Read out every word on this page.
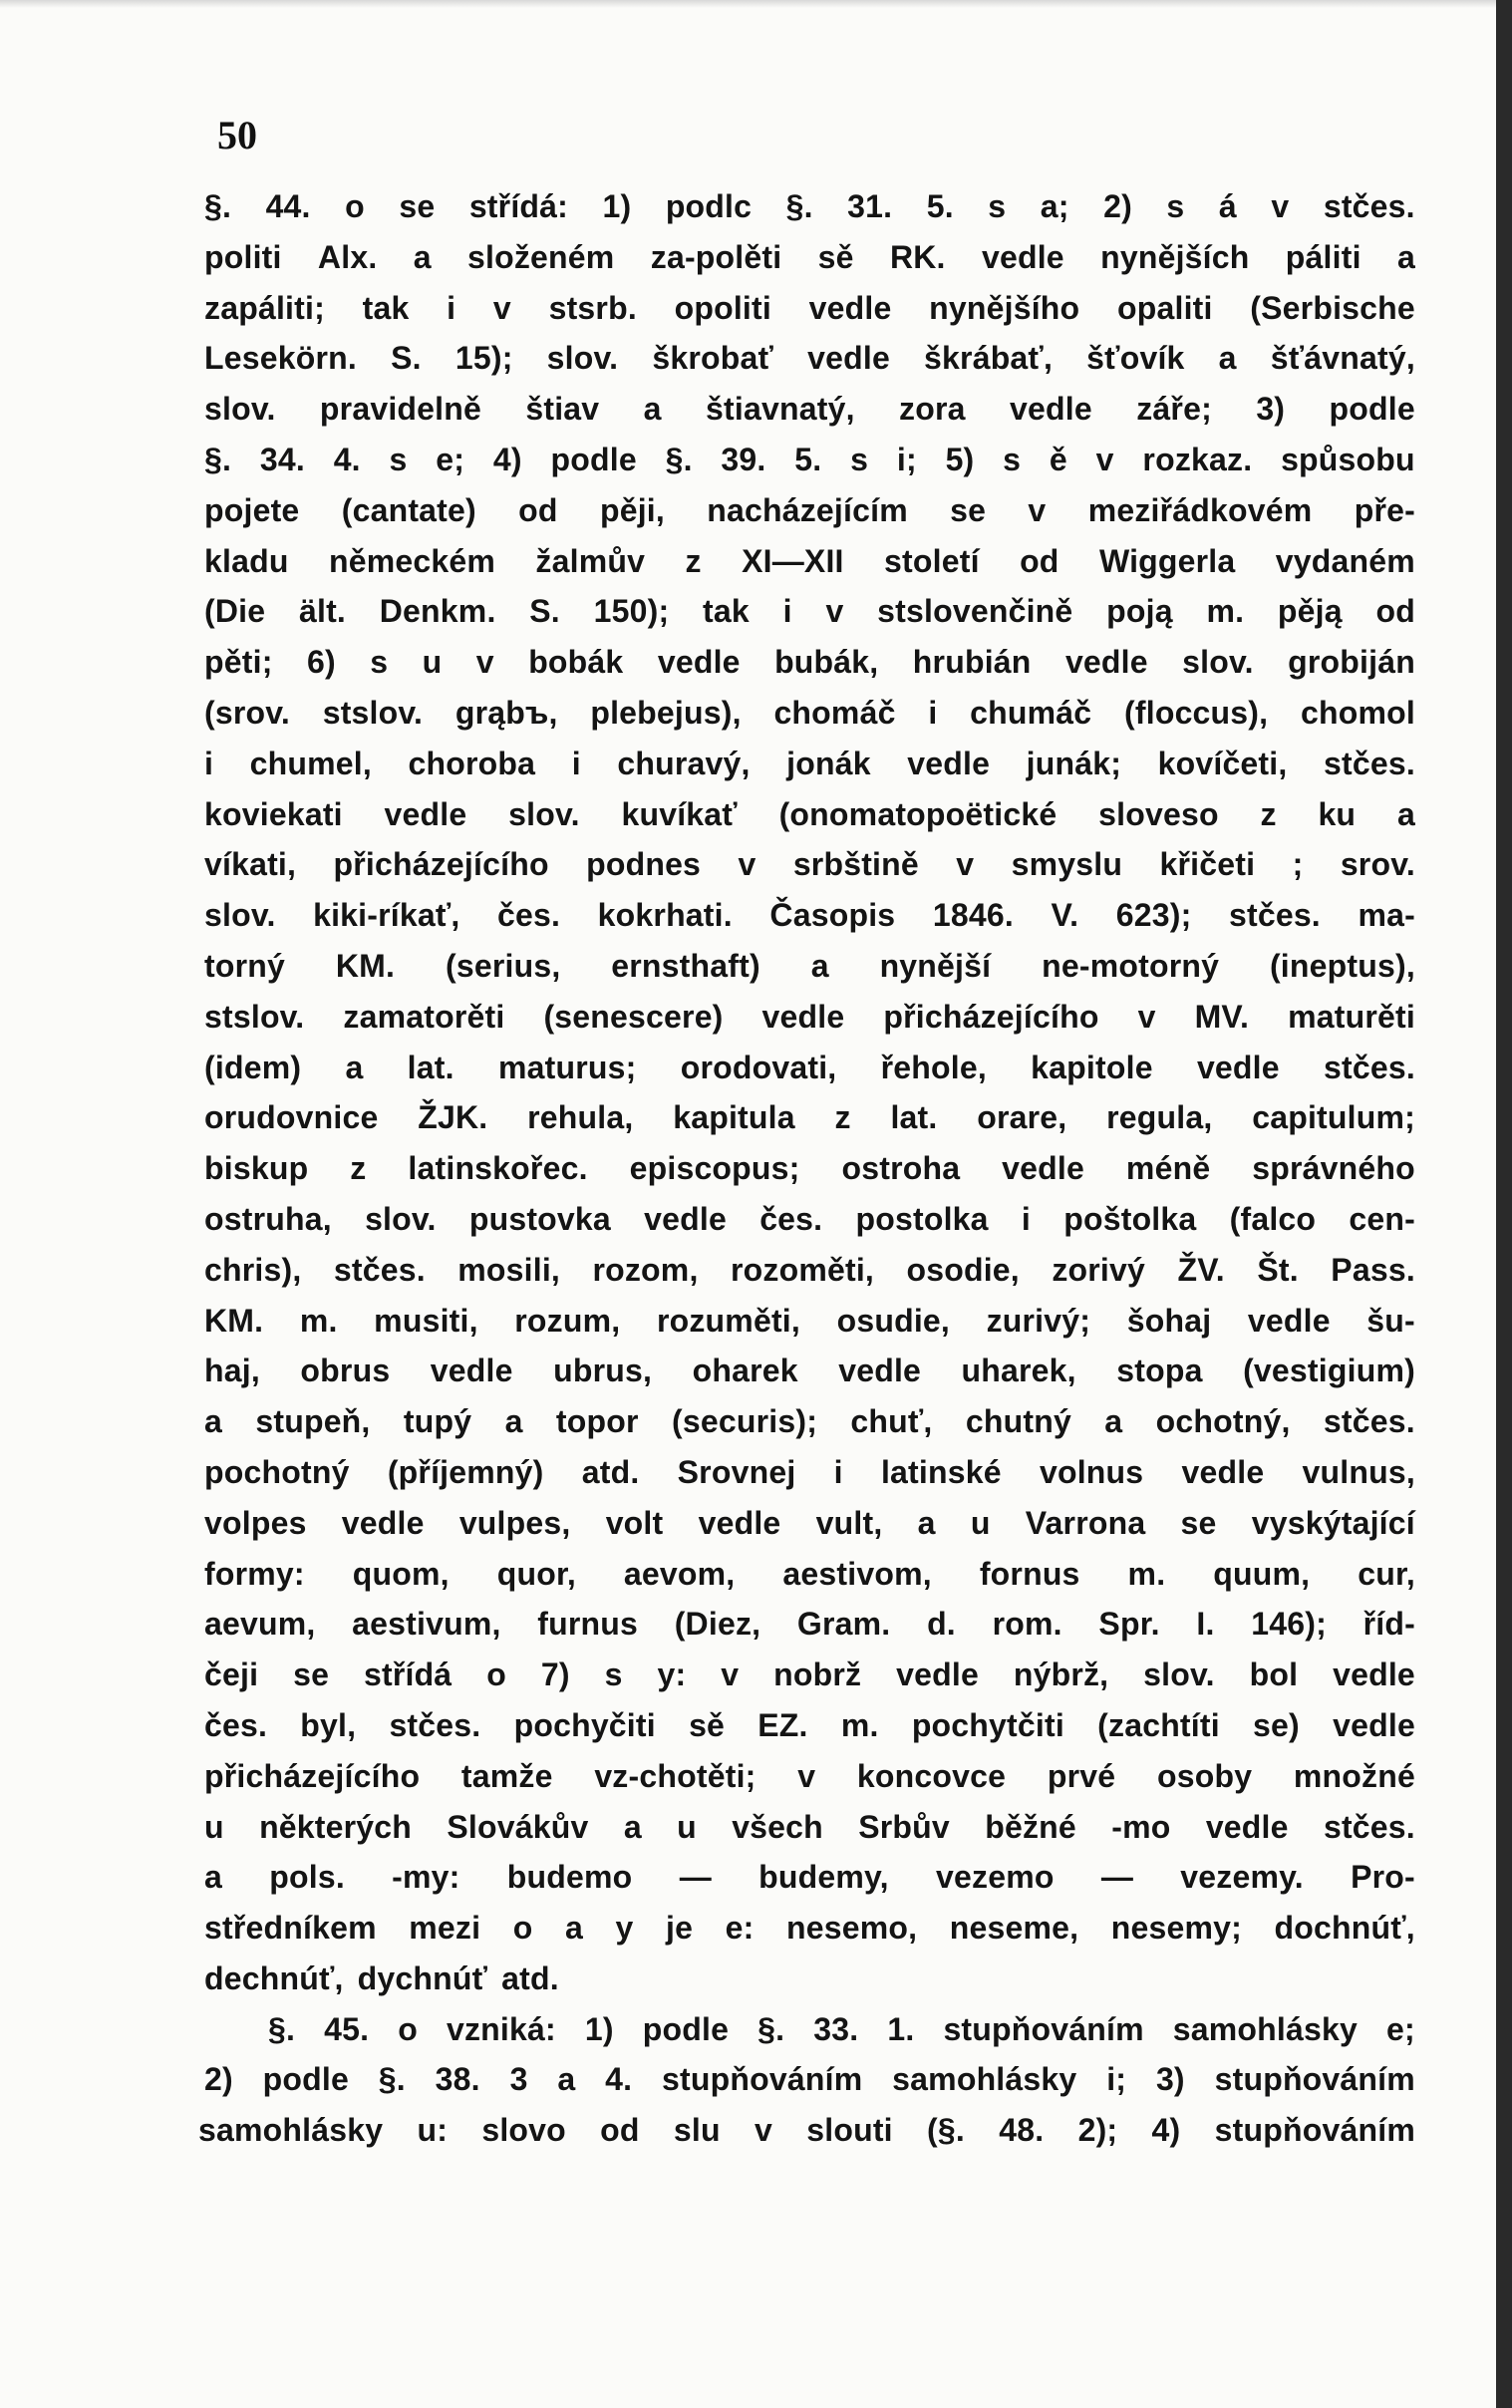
50
§. 44. o se střídá: 1) podlc §. 31. 5. s a; 2) s á v stčes.
politi Alx. a složeném za-polěti sě RK. vedle nynějších páliti a
zapáliti; tak i v stsrb. opoliti vedle nynějšího opaliti (Serbische
Lesekörn. S. 15); slov. škrobať vedle škrábať, šťovík a šťávnatý,
slov. pravidelně štiav a štiavnatý, zora vedle záře; 3) podle
§. 34. 4. s e; 4) podle §. 39. 5. s i; 5) s ě v rozkaz. spůsobu
pojete (cantate) od pěji, nacházejícím se v meziřádkovém pře-
kladu německém žalmův z XI—XII století od Wiggerla vydaném
(Die ält. Denkm. S. 150); tak i v stslovenčině poją m. pěją od
pěti; 6) s u v bobák vedle bubák, hrubián vedle slov. grobiján
(srov. stslov. grąbъ, plebejus), chomáč i chumáč (floccus), chomol
i chumel, choroba i churavý, jonák vedle junák; kovíčeti, stčes.
koviekati vedle slov. kuvíkať (onomatopoëtické sloveso z ku a
víkati, přicházejícího podnes v srbštině v smyslu křičeti ; srov.
slov. kiki-ríkať, čes. kokrhati. Časopis 1846. V. 623); stčes. ma-
torný KM. (serius, ernsthaft) a nynější ne-motorný (ineptus),
stslov. zamatorěti (senescere) vedle přicházejícího v MV. maturěti
(idem) a lat. maturus; orodovati, řehole, kapitole vedle stčes.
orudovnice ŽJK. rehula, kapitula z lat. orare, regula, capitulum;
biskup z latinskořec. episcopus; ostroha vedle méně správného
ostruha, slov. pustovka vedle čes. postolka i poštolka (falco cen-
chris), stčes. mosili, rozom, rozoměti, osodie, zorivý ŽV. Št. Pass.
KM. m. musiti, rozum, rozuměti, osudie, zurivý; šohaj vedle šu-
haj, obrus vedle ubrus, oharek vedle uharek, stopa (vestigium)
a stupeň, tupý a topor (securis); chuť, chutný a ochotný, stčes.
pochotný (příjemný) atd. Srovnej i latinské volnus vedle vulnus,
volpes vedle vulpes, volt vedle vult, a u Varrona se vyskýtající
formy: quom, quor, aevom, aestivom, fornus m. quum, cur,
aevum, aestivum, furnus (Diez, Gram. d. rom. Spr. I. 146); říd-
čeji se střídá o 7) s y: v nobrž vedle nýbrž, slov. bol vedle
čes. byl, stčes. pochyčiti sě EZ. m. pochytčiti (zachtíti se) vedle
přicházejícího tamže vz-chotěti; v koncovce prvé osoby množné
u některých Slovákův a u všech Srbův běžné -mo vedle stčes.
a pols. -my: budemo — budemy, vezemo — vezemy. Pro-
středníkem mezi o a y je e: nesemo, neseme, nesemy; dochnúť,
dechnúť, dychnúť atd.
§. 45. o vzniká: 1) podle §. 33. 1. stupňováním samohlásky e;
2) podle §. 38. 3 a 4. stupňováním samohlásky i; 3) stupňováním
samohlásky u: slovo od slu v slouti (§. 48. 2); 4) stupňováním
